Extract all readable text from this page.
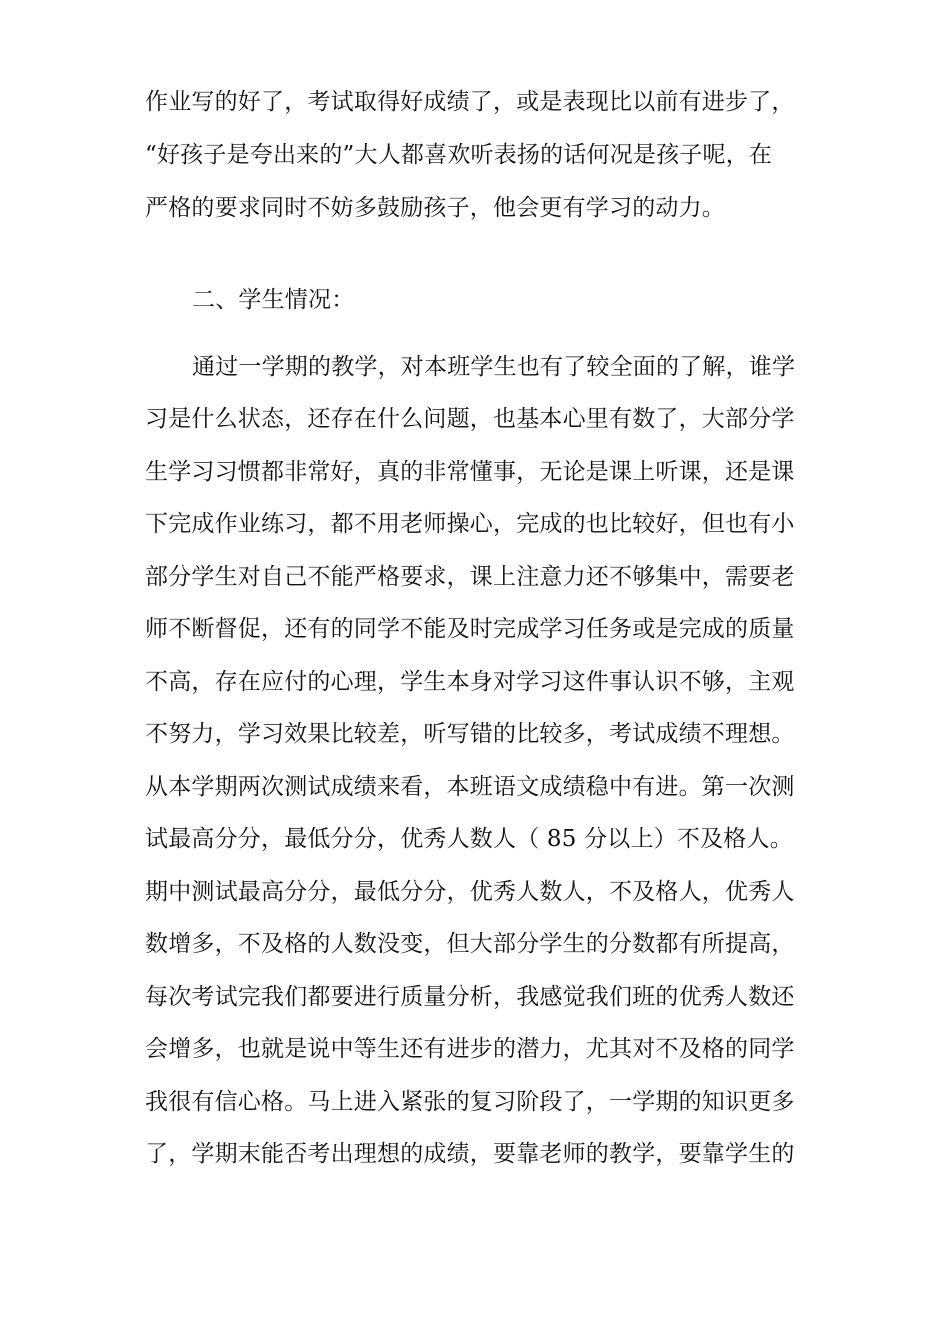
作业写的好了，考试取得好成绩了，或是表现比以前有进步了，
“好孩子是夸出来的”大人都喜欢听表扬的话何况是孩子呢，在
严格的要求同时不妨多鼓励孩子，他会更有学习的动力。
二、学生情况：
通过一学期的教学，对本班学生也有了较全面的了解，谁学
习是什么状态，还存在什么问题，也基本心里有数了，大部分学
生学习习惯都非常好，真的非常懂事，无论是课上听课，还是课
下完成作业练习，都不用老师操心，完成的也比较好，但也有小
部分学生对自己不能严格要求，课上注意力还不够集中，需要老
师不断督促，还有的同学不能及时完成学习任务或是完成的质量
不高，存在应付的心理，学生本身对学习这件事认识不够，主观
不努力，学习效果比较差，听写错的比较多，考试成绩不理想。
从本学期两次测试成绩来看，本班语文成绩稳中有进。第一次测
试最高分分，最低分分，优秀人数人（ 85 分以上）不及格人。
期中测试最高分分，最低分分，优秀人数人，不及格人，优秀人
数增多，不及格的人数没变，但大部分学生的分数都有所提高，
每次考试完我们都要进行质量分析，我感觉我们班的优秀人数还
会增多，也就是说中等生还有进步的潜力，尤其对不及格的同学
我很有信心格。马上进入紧张的复习阶段了，一学期的知识更多
了，学期末能否考出理想的成绩，要靠老师的教学，要靠学生的
